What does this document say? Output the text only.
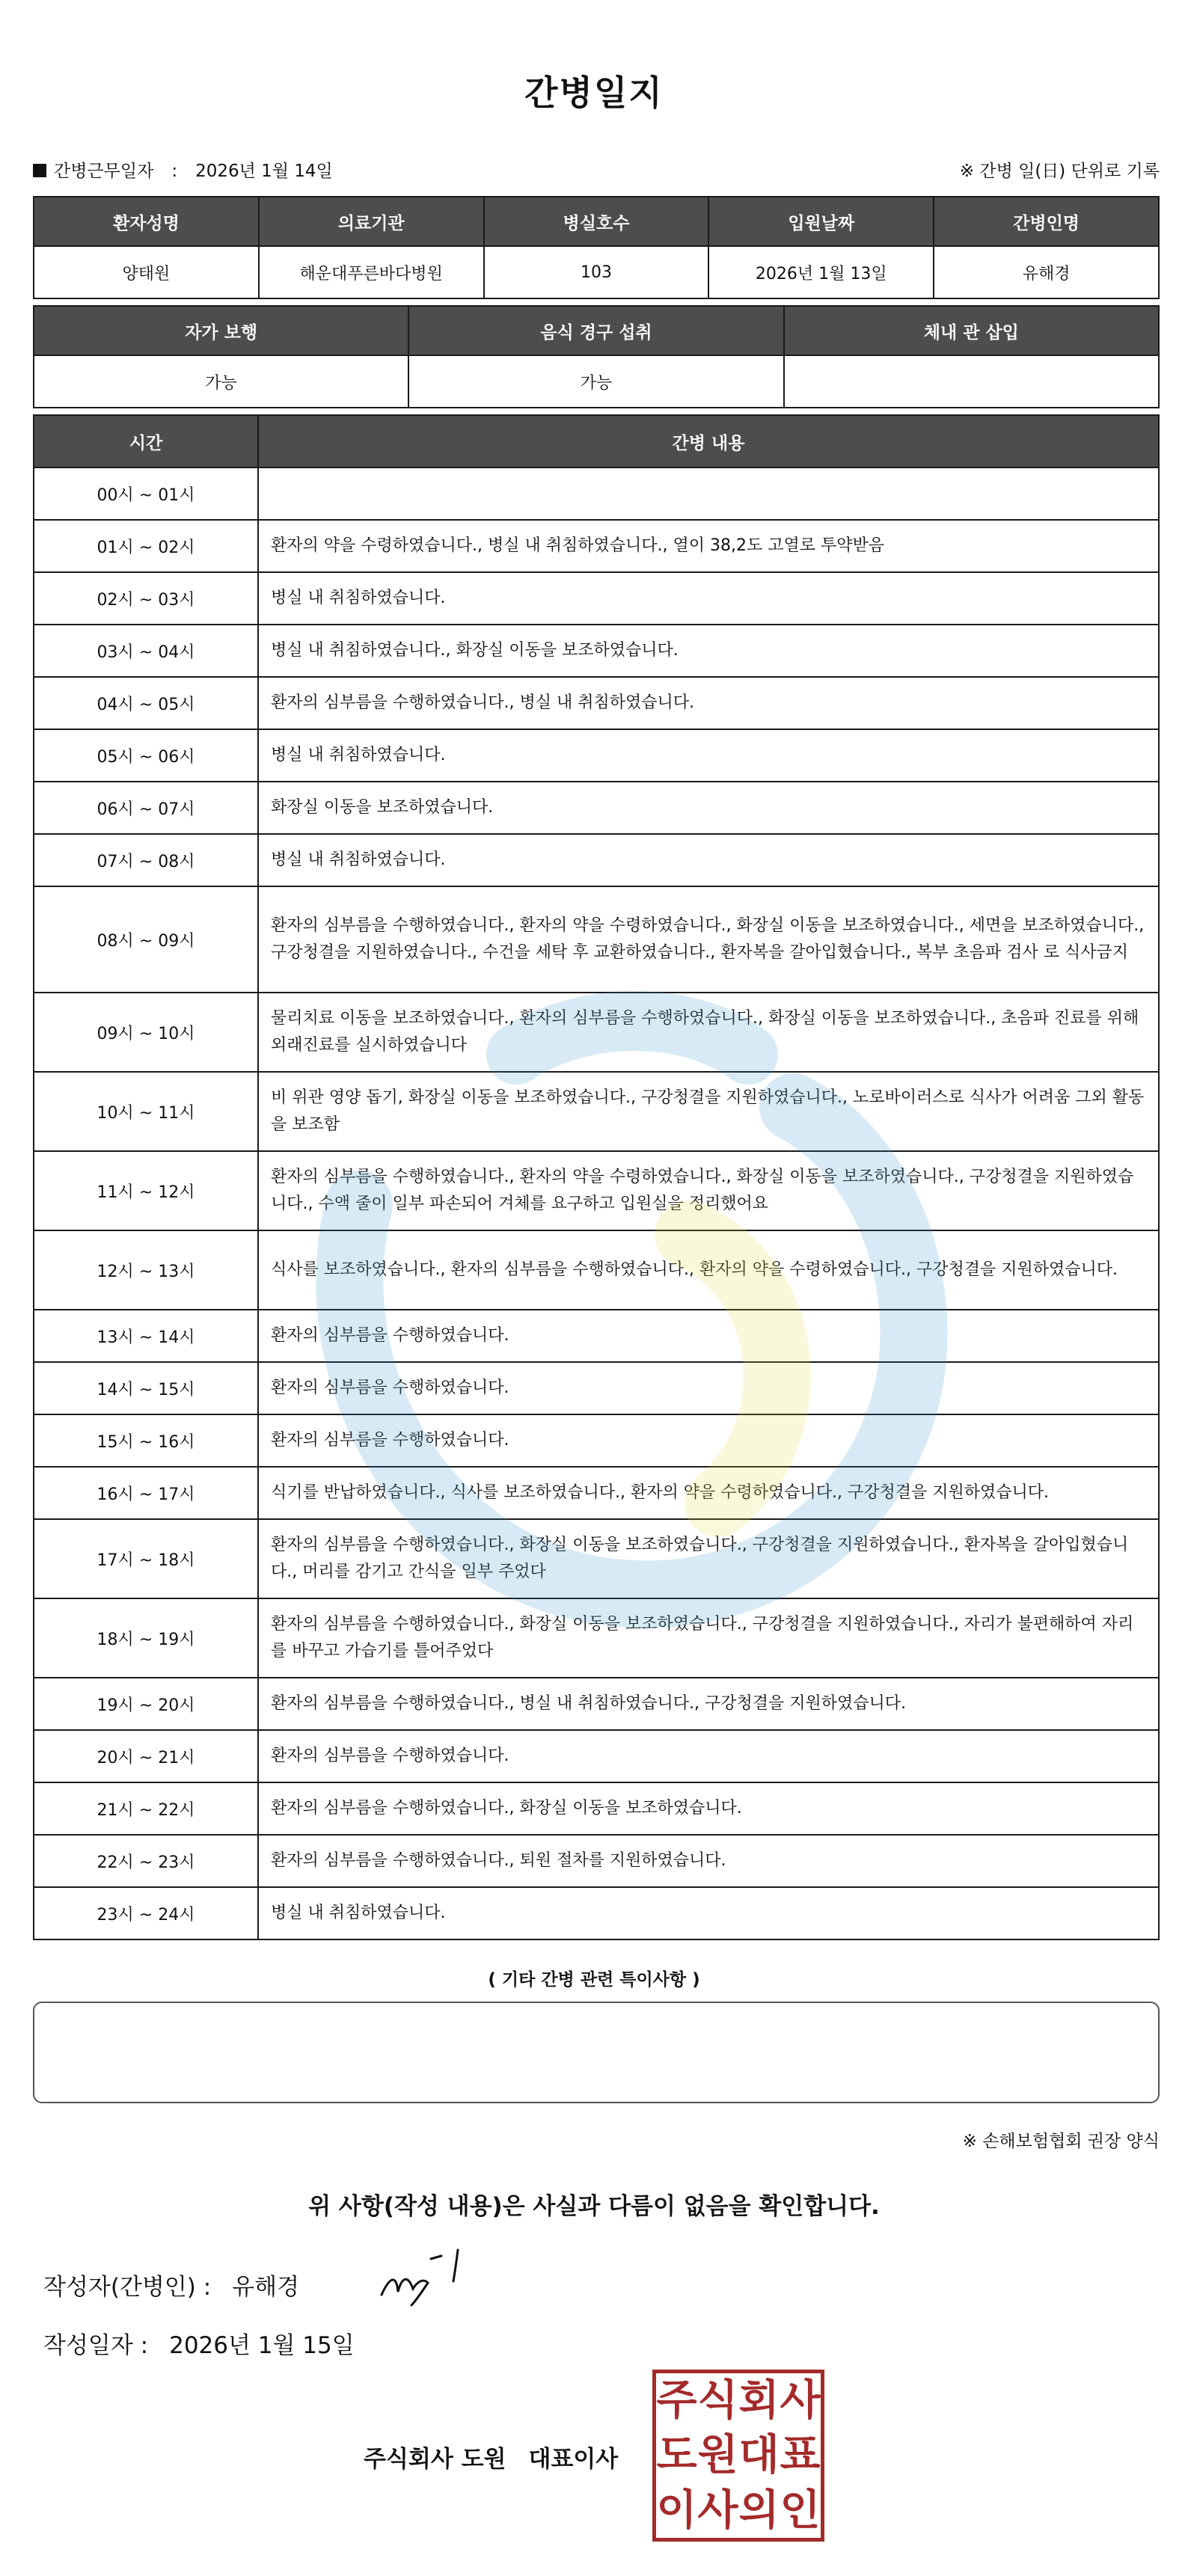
간병일지
간병근무일자 : 2026년 1월 14일	※ 간병 일(日) 단위로 기록
환자성명	의료기관	병실호수	입원날짜	간병인명
양태원	해운대푸른바다병원	103	2026년 1월 13일	유해경
자가 보행	음식 경구 섭취	체내 관 삽입
가능	가능	
시간	간병 내용
00시 ~ 01시	
01시 ~ 02시	환자의 약을 수령하였습니다., 병실 내 취침하였습니다., 열이 38,2도 고열로 투약받음
02시 ~ 03시	병실 내 취침하였습니다.
03시 ~ 04시	병실 내 취침하였습니다., 화장실 이동을 보조하였습니다.
04시 ~ 05시	환자의 심부름을 수행하였습니다., 병실 내 취침하였습니다.
05시 ~ 06시	병실 내 취침하였습니다.
06시 ~ 07시	화장실 이동을 보조하였습니다.
07시 ~ 08시	병실 내 취침하였습니다.
08시 ~ 09시	환자의 심부름을 수행하였습니다., 환자의 약을 수령하였습니다., 화장실 이동을 보조하였습니다., 세면을 보조하였습니다., 구강청결을 지원하였습니다., 수건을 세탁 후 교환하였습니다., 환자복을 갈아입혔습니다., 복부 초음파 검사 로 식사금지
09시 ~ 10시	물리치료 이동을 보조하였습니다., 환자의 심부름을 수행하였습니다., 화장실 이동을 보조하였습니다., 초음파 진료를 위해 외래진료를 실시하였습니다
10시 ~ 11시	비 위관 영양 돕기, 화장실 이동을 보조하였습니다., 구강청결을 지원하였습니다., 노로바이러스로 식사가 어려움 그외 활동을 보조함
11시 ~ 12시	환자의 심부름을 수행하였습니다., 환자의 약을 수령하였습니다., 화장실 이동을 보조하였습니다., 구강청결을 지원하였습니다., 수액 줄이 일부 파손되어 겨체를 요구하고 입원실을 정리했어요
12시 ~ 13시	식사를 보조하였습니다., 환자의 심부름을 수행하였습니다., 환자의 약을 수령하였습니다., 구강청결을 지원하였습니다.
13시 ~ 14시	환자의 심부름을 수행하였습니다.
14시 ~ 15시	환자의 심부름을 수행하였습니다.
15시 ~ 16시	환자의 심부름을 수행하였습니다.
16시 ~ 17시	식기를 반납하였습니다., 식사를 보조하였습니다., 환자의 약을 수령하였습니다., 구강청결을 지원하였습니다.
17시 ~ 18시	환자의 심부름을 수행하였습니다., 화장실 이동을 보조하였습니다., 구강청결을 지원하였습니다., 환자복을 갈아입혔습니다., 머리를 감기고 간식을 일부 주었다
18시 ~ 19시	환자의 심부름을 수행하였습니다., 화장실 이동을 보조하였습니다., 구강청결을 지원하였습니다., 자리가 불편해하여 자리를 바꾸고 가습기를 틀어주었다
19시 ~ 20시	환자의 심부름을 수행하였습니다., 병실 내 취침하였습니다., 구강청결을 지원하였습니다.
20시 ~ 21시	환자의 심부름을 수행하였습니다.
21시 ~ 22시	환자의 심부름을 수행하였습니다., 화장실 이동을 보조하였습니다.
22시 ~ 23시	환자의 심부름을 수행하였습니다., 퇴원 절차를 지원하였습니다.
23시 ~ 24시	병실 내 취침하였습니다.
( 기타 간병 관련 특이사항 )
※ 손해보험협회 권장 양식
위 사항(작성 내용)은 사실과 다름이 없음을 확인합니다.
작성자(간병인) : 유해경
작성일자 : 2026년 1월 15일
주식회사 도원 대표이사
주 식 회 사
도 원 대 표
이 사 의 인
